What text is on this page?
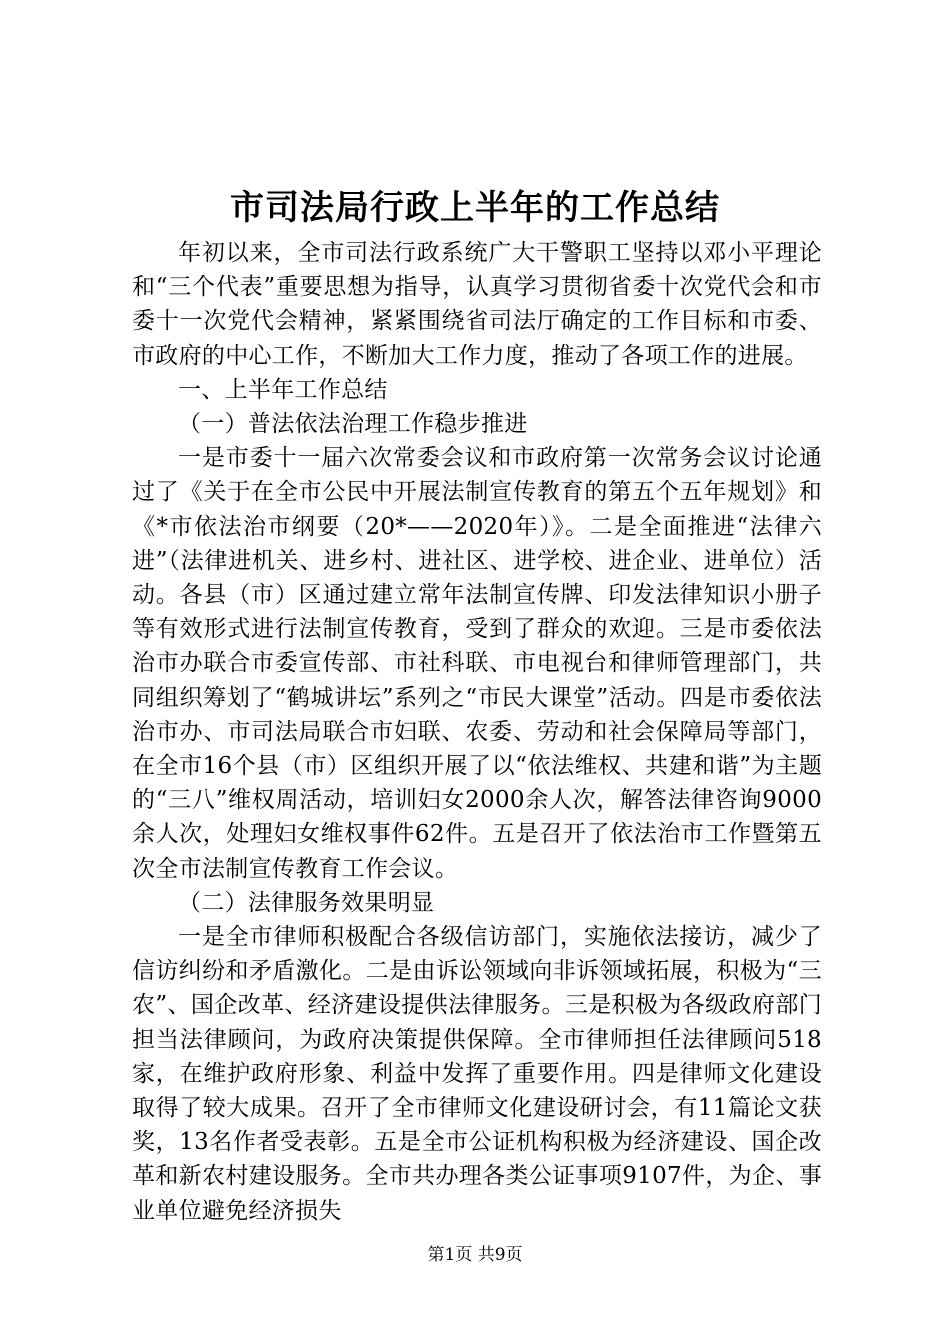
市司法局行政上半年的工作总结

年初以来，全市司法行政系统广大干警职工坚持以邓小平理论和“三个代表”重要思想为指导，认真学习贯彻省委十次党代会和市委十一次党代会精神，紧紧围绕省司法厅确定的工作目标和市委、市政府的中心工作，不断加大工作力度，推动了各项工作的进展。

一、上半年工作总结

（一）普法依法治理工作稳步推进

一是市委十一届六次常委会议和市政府第一次常务会议讨论通过了《关于在全市公民中开展法制宣传教育的第五个五年规划》和《*市依法治市纲要（20*——2020年）》。二是全面推进“法律六进”（法律进机关、进乡村、进社区、进学校、进企业、进单位）活动。各县（市）区通过建立常年法制宣传牌、印发法律知识小册子等有效形式进行法制宣传教育，受到了群众的欢迎。三是市委依法治市办联合市委宣传部、市社科联、市电视台和律师管理部门，共同组织筹划了“鹤城讲坛”系列之“市民大课堂”活动。四是市委依法治市办、市司法局联合市妇联、农委、劳动和社会保障局等部门，在全市16个县（市）区组织开展了以“依法维权、共建和谐”为主题的“三八”维权周活动，培训妇女2000余人次，解答法律咨询9000余人次，处理妇女维权事件62件。五是召开了依法治市工作暨第五次全市法制宣传教育工作会议。

（二）法律服务效果明显

一是全市律师积极配合各级信访部门，实施依法接访，减少了信访纠纷和矛盾激化。二是由诉讼领域向非诉领域拓展，积极为“三农”、国企改革、经济建设提供法律服务。三是积极为各级政府部门担当法律顾问，为政府决策提供保障。全市律师担任法律顾问518家，在维护政府形象、利益中发挥了重要作用。四是律师文化建设取得了较大成果。召开了全市律师文化建设研讨会，有11篇论文获奖，13名作者受表彰。五是全市公证机构积极为经济建设、国企改革和新农村建设服务。全市共办理各类公证事项9107件，为企、事业单位避免经济损失

第1页 共9页
